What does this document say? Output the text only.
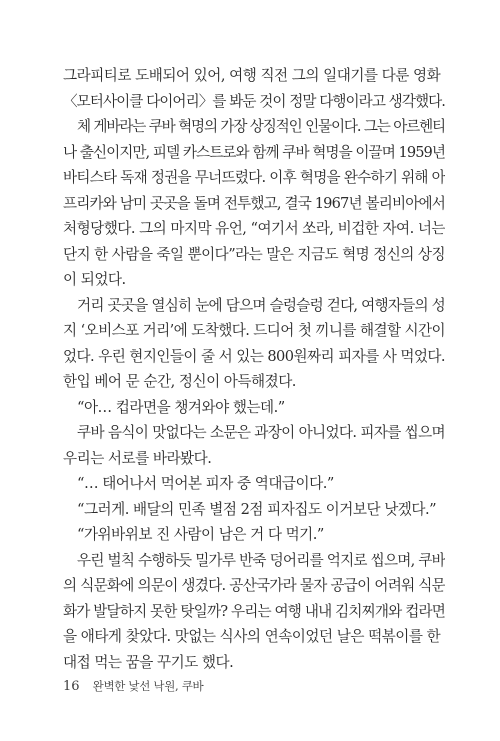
그라피티로 도배되어 있어, 여행 직전 그의 일대기를 다룬 영화
〈모터사이클 다이어리〉를 봐둔 것이 정말 다행이라고 생각했다.
체 게바라는 쿠바 혁명의 가장 상징적인 인물이다. 그는 아르헨티
나 출신이지만, 피델 카스트로와 함께 쿠바 혁명을 이끌며 1959년
바티스타 독재 정권을 무너뜨렸다. 이후 혁명을 완수하기 위해 아
프리카와 남미 곳곳을 돌며 전투했고, 결국 1967년 볼리비아에서
처형당했다. 그의 마지막 유언, “여기서 쏘라, 비겁한 자여. 너는
단지 한 사람을 죽일 뿐이다”라는 말은 지금도 혁명 정신의 상징
이 되었다.
거리 곳곳을 열심히 눈에 담으며 슬렁슬렁 걷다, 여행자들의 성
지 ‘오비스포 거리’에 도착했다. 드디어 첫 끼니를 해결할 시간이
었다. 우린 현지인들이 줄 서 있는 800원짜리 피자를 사 먹었다.
한입 베어 문 순간, 정신이 아득해졌다.
“아… 컵라면을 챙겨와야 했는데.”
쿠바 음식이 맛없다는 소문은 과장이 아니었다. 피자를 씹으며
우리는 서로를 바라봤다.
“… 태어나서 먹어본 피자 중 역대급이다.”
“그러게. 배달의 민족 별점 2점 피자집도 이거보단 낫겠다.”
“가위바위보 진 사람이 남은 거 다 먹기.”
우린 벌칙 수행하듯 밀가루 반죽 덩어리를 억지로 씹으며, 쿠바
의 식문화에 의문이 생겼다. 공산국가라 물자 공급이 어려워 식문
화가 발달하지 못한 탓일까? 우리는 여행 내내 김치찌개와 컵라면
을 애타게 찾았다. 맛없는 식사의 연속이었던 날은 떡볶이를 한
대접 먹는 꿈을 꾸기도 했다.
16 완벽한 낯선 낙원, 쿠바
